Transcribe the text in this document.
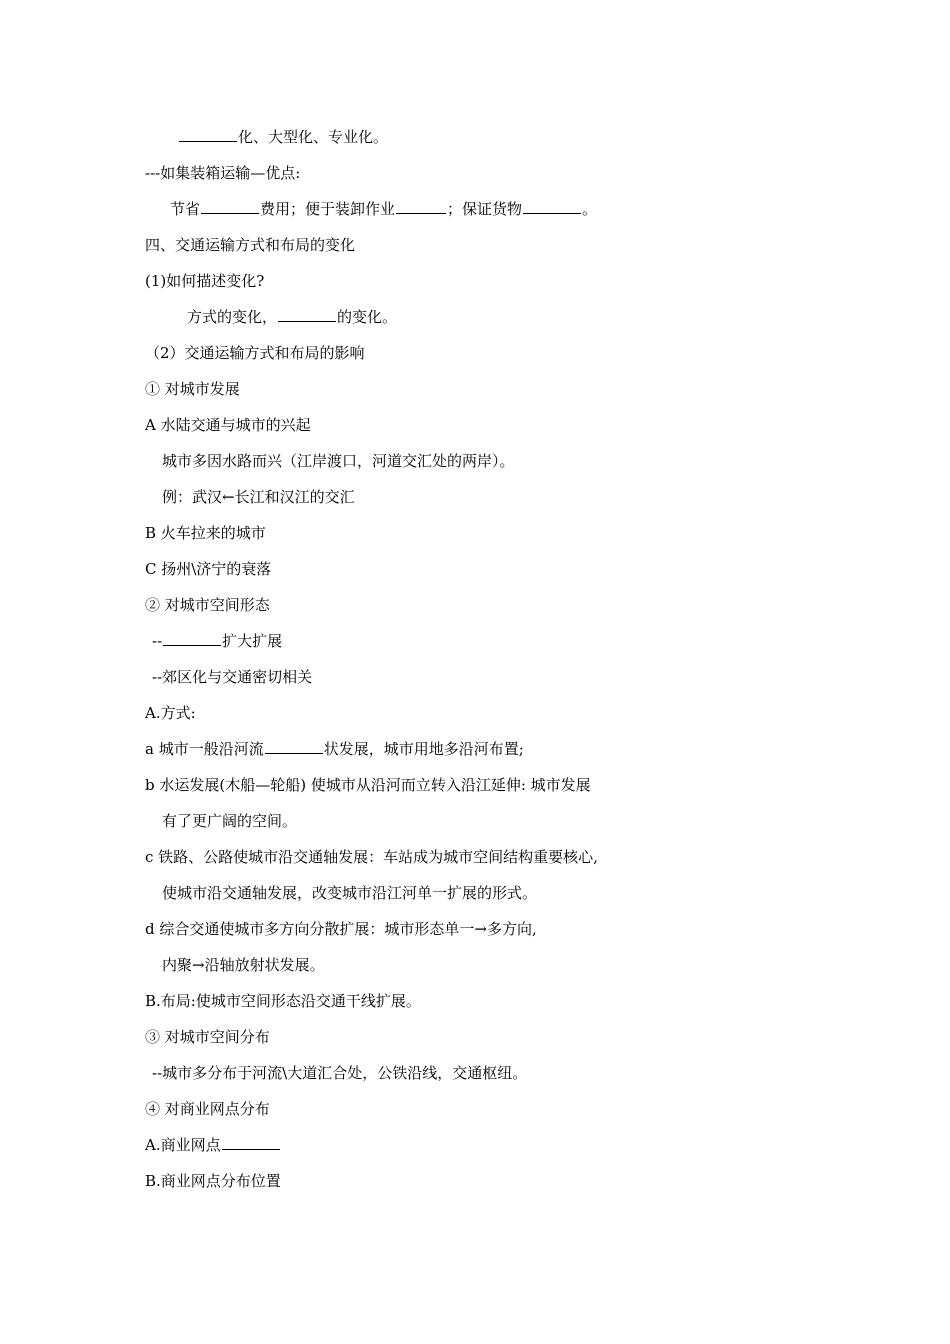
化、大型化、专业化。
---如集装箱运输—优点:
节省	费用；便于装卸作业	；保证货物	。
四、交通运输方式和布局的变化
(1)如何描述变化?
方式的变化，	的变化。
（2）交通运输方式和布局的影响
① 对城市发展
A 水陆交通与城市的兴起
城市多因水路而兴（江岸渡口，河道交汇处的两岸）。
例：武汉←长江和汉江的交汇
B 火车拉来的城市
C 扬州\济宁的衰落
② 对城市空间形态
--	扩大扩展
--郊区化与交通密切相关
A.方式:
a 城市一般沿河流	状发展，城市用地多沿河布置;
b 水运发展(木船—轮船) 使城市从沿河而立转入沿江延伸: 城市发展
有了更广阔的空间。
c 铁路、公路使城市沿交通轴发展：车站成为城市空间结构重要核心,
使城市沿交通轴发展，改变城市沿江河单一扩展的形式。
d 综合交通使城市多方向分散扩展：城市形态单一→多方向,
内聚→沿轴放射状发展。
B.布局:使城市空间形态沿交通干线扩展。
③ 对城市空间分布
--城市多分布于河流\大道汇合处，公铁沿线，交通枢纽。
④ 对商业网点分布
A.商业网点
B.商业网点分布位置
